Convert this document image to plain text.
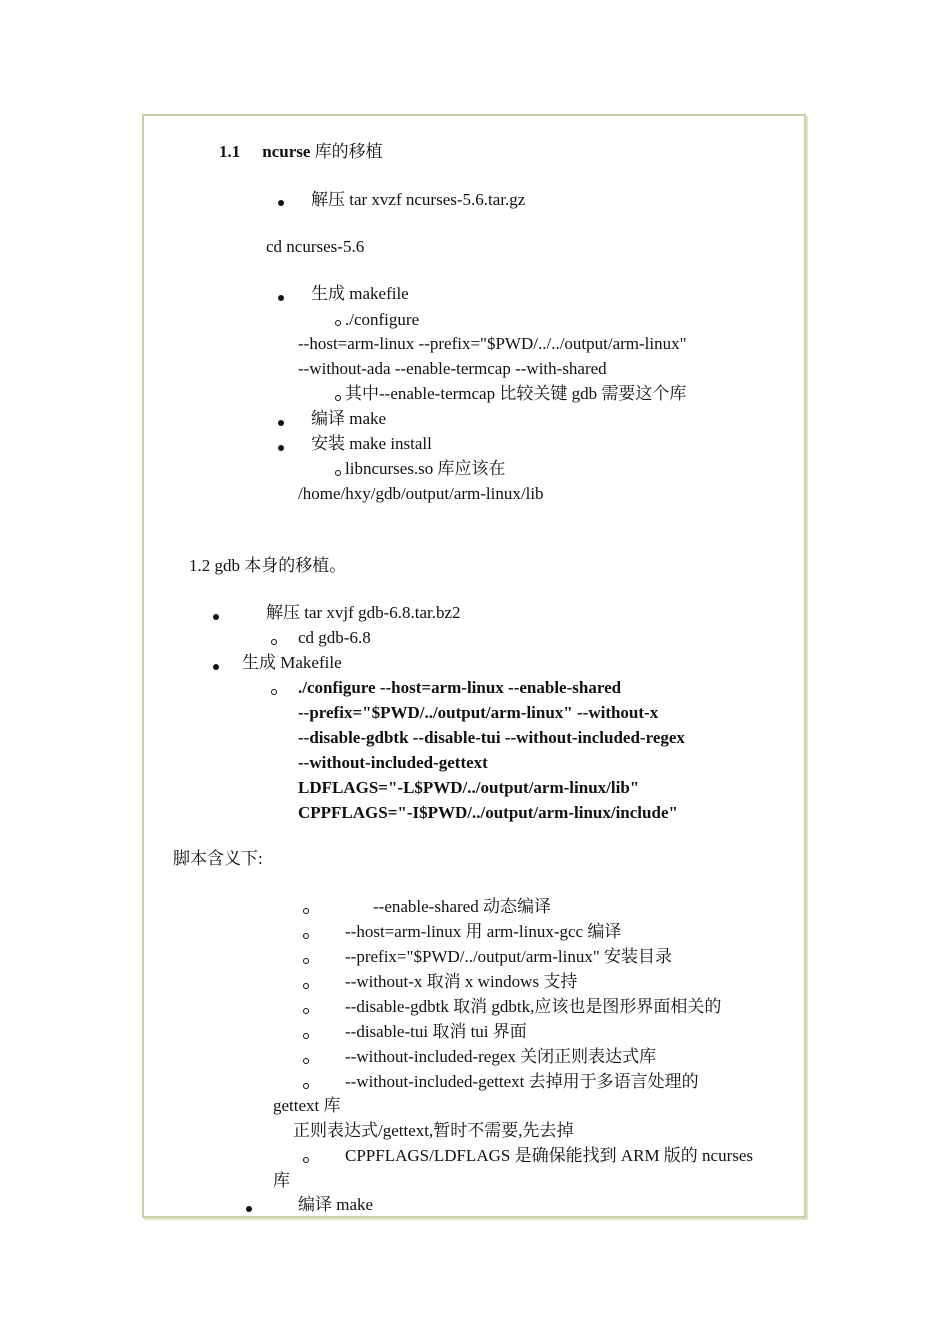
1.1 ncurse 库的移植
解压 tar xvzf ncurses-5.6.tar.gz
cd ncurses-5.6
生成 makefile
./configure
--host=arm-linux --prefix="$PWD/../../output/arm-linux"
--without-ada --enable-termcap --with-shared
其中--enable-termcap 比较关键 gdb 需要这个库
编译 make
安装 make install
libncurses.so 库应该在
/home/hxy/gdb/output/arm-linux/lib
1.2 gdb 本身的移植。
解压 tar xvjf gdb-6.8.tar.bz2
cd gdb-6.8
生成 Makefile
./configure --host=arm-linux --enable-shared
--prefix="$PWD/../output/arm-linux" --without-x
--disable-gdbtk --disable-tui --without-included-regex
--without-included-gettext
LDFLAGS="-L$PWD/../output/arm-linux/lib"
CPPFLAGS="-I$PWD/../output/arm-linux/include"
脚本含义下:
--enable-shared 动态编译
--host=arm-linux 用 arm-linux-gcc 编译
--prefix="$PWD/../output/arm-linux" 安装目录
--without-x 取消 x windows 支持
--disable-gdbtk 取消 gdbtk,应该也是图形界面相关的
--disable-tui 取消 tui 界面
--without-included-regex 关闭正则表达式库
--without-included-gettext 去掉用于多语言处理的
gettext 库
正则表达式/gettext,暂时不需要,先去掉
CPPFLAGS/LDFLAGS 是确保能找到 ARM 版的 ncurses
库
编译 make
